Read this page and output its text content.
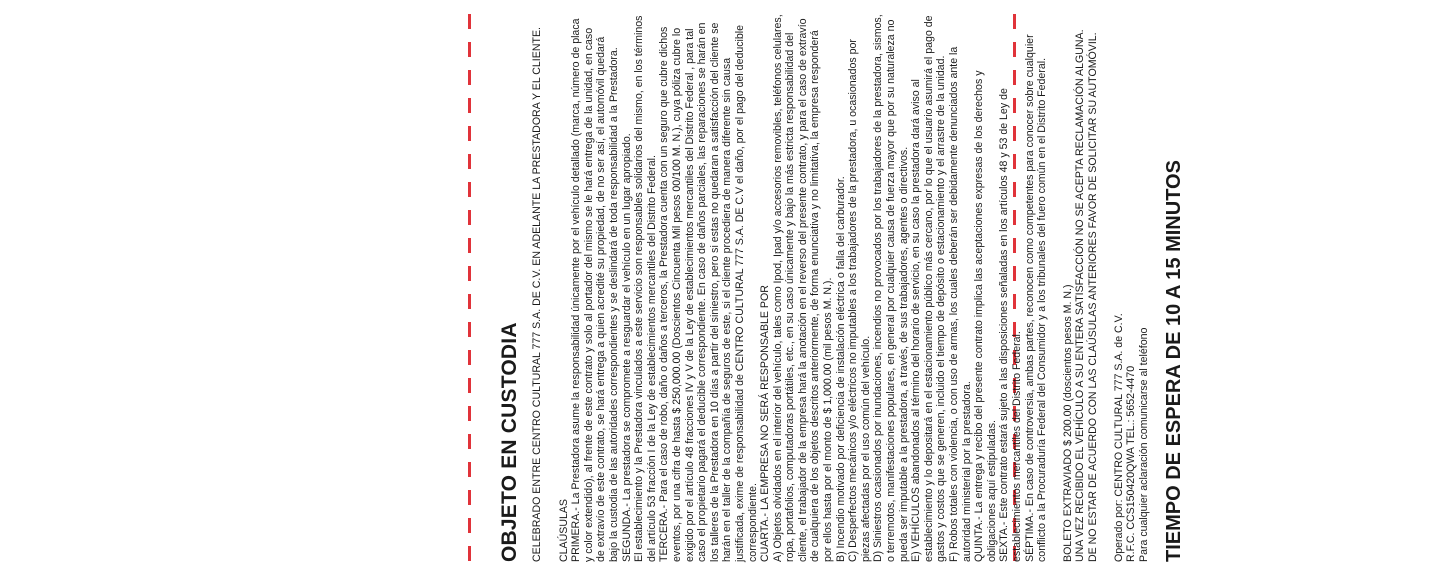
OBJETO EN CUSTODIA CELEBRADO ENTRE CENTRO CULTURAL 777 S.A. DE C.V. EN ADELANTE LA PRESTADORA Y EL CLIENTE. CLAÚSULAS PRIMERA.- La Prestadora asume la responsabilidad únicamente por el vehículo detallado (marca, número de placa y color extendido), al frente de este contrato y solo al portador del mismo se le hará entrega de la unidad, en caso de extravío de este contrato, se hará entrega a quien acredité su propiedad, de no ser así, el automóvil quedará bajo la custodia de las autoridades correspondientes y se deslindará de toda responsabilidad a la Prestadora. SEGUNDA.- La prestadora se compromete a resguardar el vehículo en un lugar apropiado. El establecimiento y la Prestadora vinculados a este servicio son responsables solidarios del mismo, en los términos del artículo 53 fracción I de la Ley de establecimientos mercantiles del Distrito Federal. TERCERA.- Para el caso de robo, daño o daños a terceros, la Prestadora cuenta con un seguro que cubre dichos eventos, por una cifra de hasta $ 250,000.00 (Doscientos Cincuenta Mil pesos 00/100 M. N.), cuya póliza cubre lo exigido por el artículo 48 fracciones IV y V de la Ley de establecimientos mercantiles del Distrito Federal , para tal caso el propietario pagará el deducible correspondiente. En caso de daños parciales, las reparaciones se harán en los talleres de la Prestadora en 10 días a partir del siniestro, pero si estas no quedaran a satisfacción del cliente se harán en el taller de la compañía de seguros de este, si el cliente procediera de manera diferente sin causa justificada, exime de responsabilidad de CENTRO CULTURAL 777 S.A. DE C.V el daño, por el pago del deducible correspondiente. CUARTA.- LA EMPRESA NO SERÁ RESPONSABLE POR A) Objetos olvidados en el interior del vehículo, tales como Ipod, Ipad y/o accesorios removibles, teléfonos celulares, ropa, portafolios, computadoras portátiles, etc., en su caso únicamente y bajo la más estricta responsabilidad del cliente, el trabajador de la empresa hará la anotación en el reverso del presente contrato, y para el caso de extravío de cualquiera de los objetos descritos anteriormente, de forma enunciativa y no limitativa, la empresa responderá por ellos hasta por el monto de $ 1,000.00 (mil pesos M. N.). B) Incendio motivado por deficiencia de instalación eléctrica o falla del carburador. C) Desperfectos mecánicos y/o eléctricos no imputables a los trabajadores de la prestadora, u ocasionados por piezas afectadas por el uso común del vehículo. D) Siniestros ocasionados por inundaciones, incendios no provocados por los trabajadores de la prestadora, sismos, o terremotos, manifestaciones populares, en general por cualquier causa de fuerza mayor que por su naturaleza no pueda ser imputable a la prestadora, a través, de sus trabajadores, agentes o directivos. E) VEHÍCULOS abandonados al término del horario de servicio, en su caso la prestadora dará aviso al establecimiento y lo depositará en el estacionamiento público más cercano, por lo que el usuario asumirá el pago de gastos y costos que se generen, incluido el tiempo de depósito o estacionamiento y el arrastre de la unidad. F) Robos totales con violencia, o con uso de armas, los cuales deberán ser debidamente denunciados ante la autoridad ministerial por la prestadora. QUINTA.- La entrega y recibo del presente contrato implica las aceptaciones expresas de los derechos y obligaciones aquí estipuladas. SEXTA.- Este contrato estará sujeto a las disposiciones señaladas en los artículos 48 y 53 de Ley de establecimientos mercantiles del Distrito Federal. SÉPTIMA.- En caso de controversia, ambas partes, reconocen como competentes para conocer sobre cualquier conflicto a la Procuraduría Federal del Consumidor y a los tribunales del fuero común en el Distrito Federal. BOLETO EXTRAVIADO $ 200.00 (doscientos pesos M. N.) UNA VEZ RECIBIDO EL VEHÍCULO A SU ENTERA SATISFACCIÓN NO SE ACEPTA RECLAMACIÓN ALGUNA. DE NO ESTAR DE ACUERDO CON LAS CLAÚSULAS ANTERIORES FAVOR DE SOLICITAR SU AUTOMÓVIL. Operado por: CENTRO CULTURAL 777 S.A. de C.V. R.F.C. CCS150420QWA TEL.: 5652-4470 Para cualquier aclaración comunicarse al teléfono TIEMPO DE ESPERA DE 10 A 15 MINUTOS
